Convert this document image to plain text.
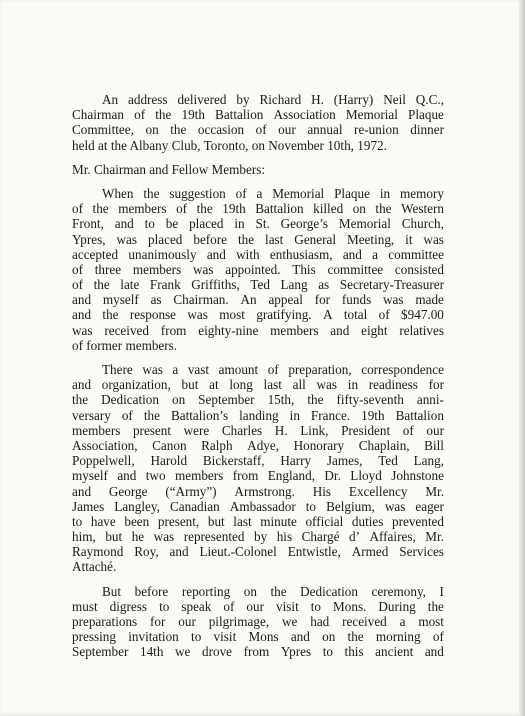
An address delivered by Richard H. (Harry) Neil Q.C.,
Chairman of the 19th Battalion Association Memorial Plaque
Committee, on the occasion of our annual re-union dinner
held at the Albany Club, Toronto, on November 10th, 1972.
Mr. Chairman and Fellow Members:
When the suggestion of a Memorial Plaque in memory
of the members of the 19th Battalion killed on the Western
Front, and to be placed in St. George’s Memorial Church,
Ypres, was placed before the last General Meeting, it was
accepted unanimously and with enthusiasm, and a committee
of three members was appointed. This committee consisted
of the late Frank Griffiths, Ted Lang as Secretary-Treasurer
and myself as Chairman. An appeal for funds was made
and the response was most gratifying. A total of $947.00
was received from eighty-nine members and eight relatives
of former members.
There was a vast amount of preparation, correspondence
and organization, but at long last all was in readiness for
the Dedication on September 15th, the fifty-seventh anni-
versary of the Battalion’s landing in France. 19th Battalion
members present were Charles H. Link, President of our
Association, Canon Ralph Adye, Honorary Chaplain, Bill
Poppelwell, Harold Bickerstaff, Harry James, Ted Lang,
myself and two members from England, Dr. Lloyd Johnstone
and George (“Army”) Armstrong. His Excellency Mr.
James Langley, Canadian Ambassador to Belgium, was eager
to have been present, but last minute official duties prevented
him, but he was represented by his Chargé d’ Affaires, Mr.
Raymond Roy, and Lieut.-Colonel Entwistle, Armed Services
Attaché.
But before reporting on the Dedication ceremony, I
must digress to speak of our visit to Mons. During the
preparations for our pilgrimage, we had received a most
pressing invitation to visit Mons and on the morning of
September 14th we drove from Ypres to this ancient and
